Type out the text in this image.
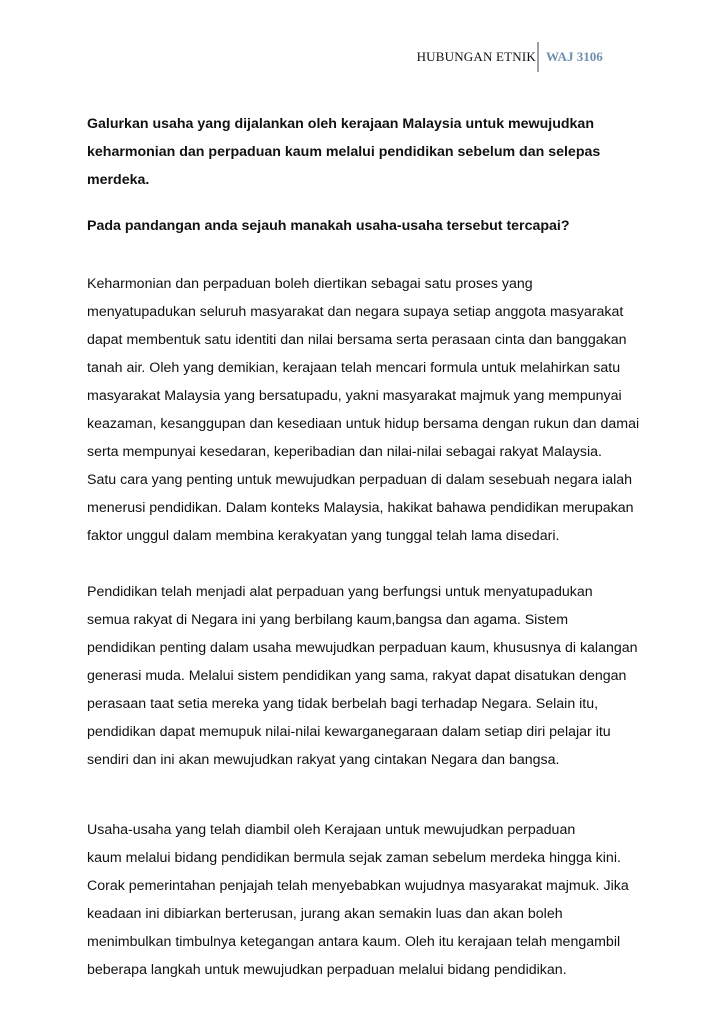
HUBUNGAN ETNIK WAJ 3106

Galurkan usaha yang dijalankan oleh kerajaan Malaysia untuk mewujudkan
keharmonian dan perpaduan kaum melalui pendidikan sebelum dan selepas
merdeka.

Pada pandangan anda sejauh manakah usaha-usaha tersebut tercapai?

Keharmonian dan perpaduan boleh diertikan sebagai satu proses yang
menyatupadukan seluruh masyarakat dan negara supaya setiap anggota masyarakat
dapat membentuk satu identiti dan nilai bersama serta perasaan cinta dan banggakan
tanah air. Oleh yang demikian, kerajaan telah mencari formula untuk melahirkan satu
masyarakat Malaysia yang bersatupadu, yakni masyarakat majmuk yang mempunyai
keazaman, kesanggupan dan kesediaan untuk hidup bersama dengan rukun dan damai
serta mempunyai kesedaran, keperibadian dan nilai-nilai sebagai rakyat Malaysia.
Satu cara yang penting untuk mewujudkan perpaduan di dalam sesebuah negara ialah
menerusi pendidikan. Dalam konteks Malaysia, hakikat bahawa pendidikan merupakan
faktor unggul dalam membina kerakyatan yang tunggal telah lama disedari.

Pendidikan telah menjadi alat perpaduan yang berfungsi untuk menyatupadukan
semua rakyat di Negara ini yang berbilang kaum,bangsa dan agama. Sistem
pendidikan penting dalam usaha mewujudkan perpaduan kaum, khususnya di kalangan
generasi muda. Melalui sistem pendidikan yang sama, rakyat dapat disatukan dengan
perasaan taat setia mereka yang tidak berbelah bagi terhadap Negara. Selain itu,
pendidikan dapat memupuk nilai-nilai kewarganegaraan dalam setiap diri pelajar itu
sendiri dan ini akan mewujudkan rakyat yang cintakan Negara dan bangsa.

Usaha-usaha yang telah diambil oleh Kerajaan untuk mewujudkan perpaduan
kaum melalui bidang pendidikan bermula sejak zaman sebelum merdeka hingga kini.
Corak pemerintahan penjajah telah menyebabkan wujudnya masyarakat majmuk. Jika
keadaan ini dibiarkan berterusan, jurang akan semakin luas dan akan boleh
menimbulkan timbulnya ketegangan antara kaum. Oleh itu kerajaan telah mengambil
beberapa langkah untuk mewujudkan perpaduan melalui bidang pendidikan.
